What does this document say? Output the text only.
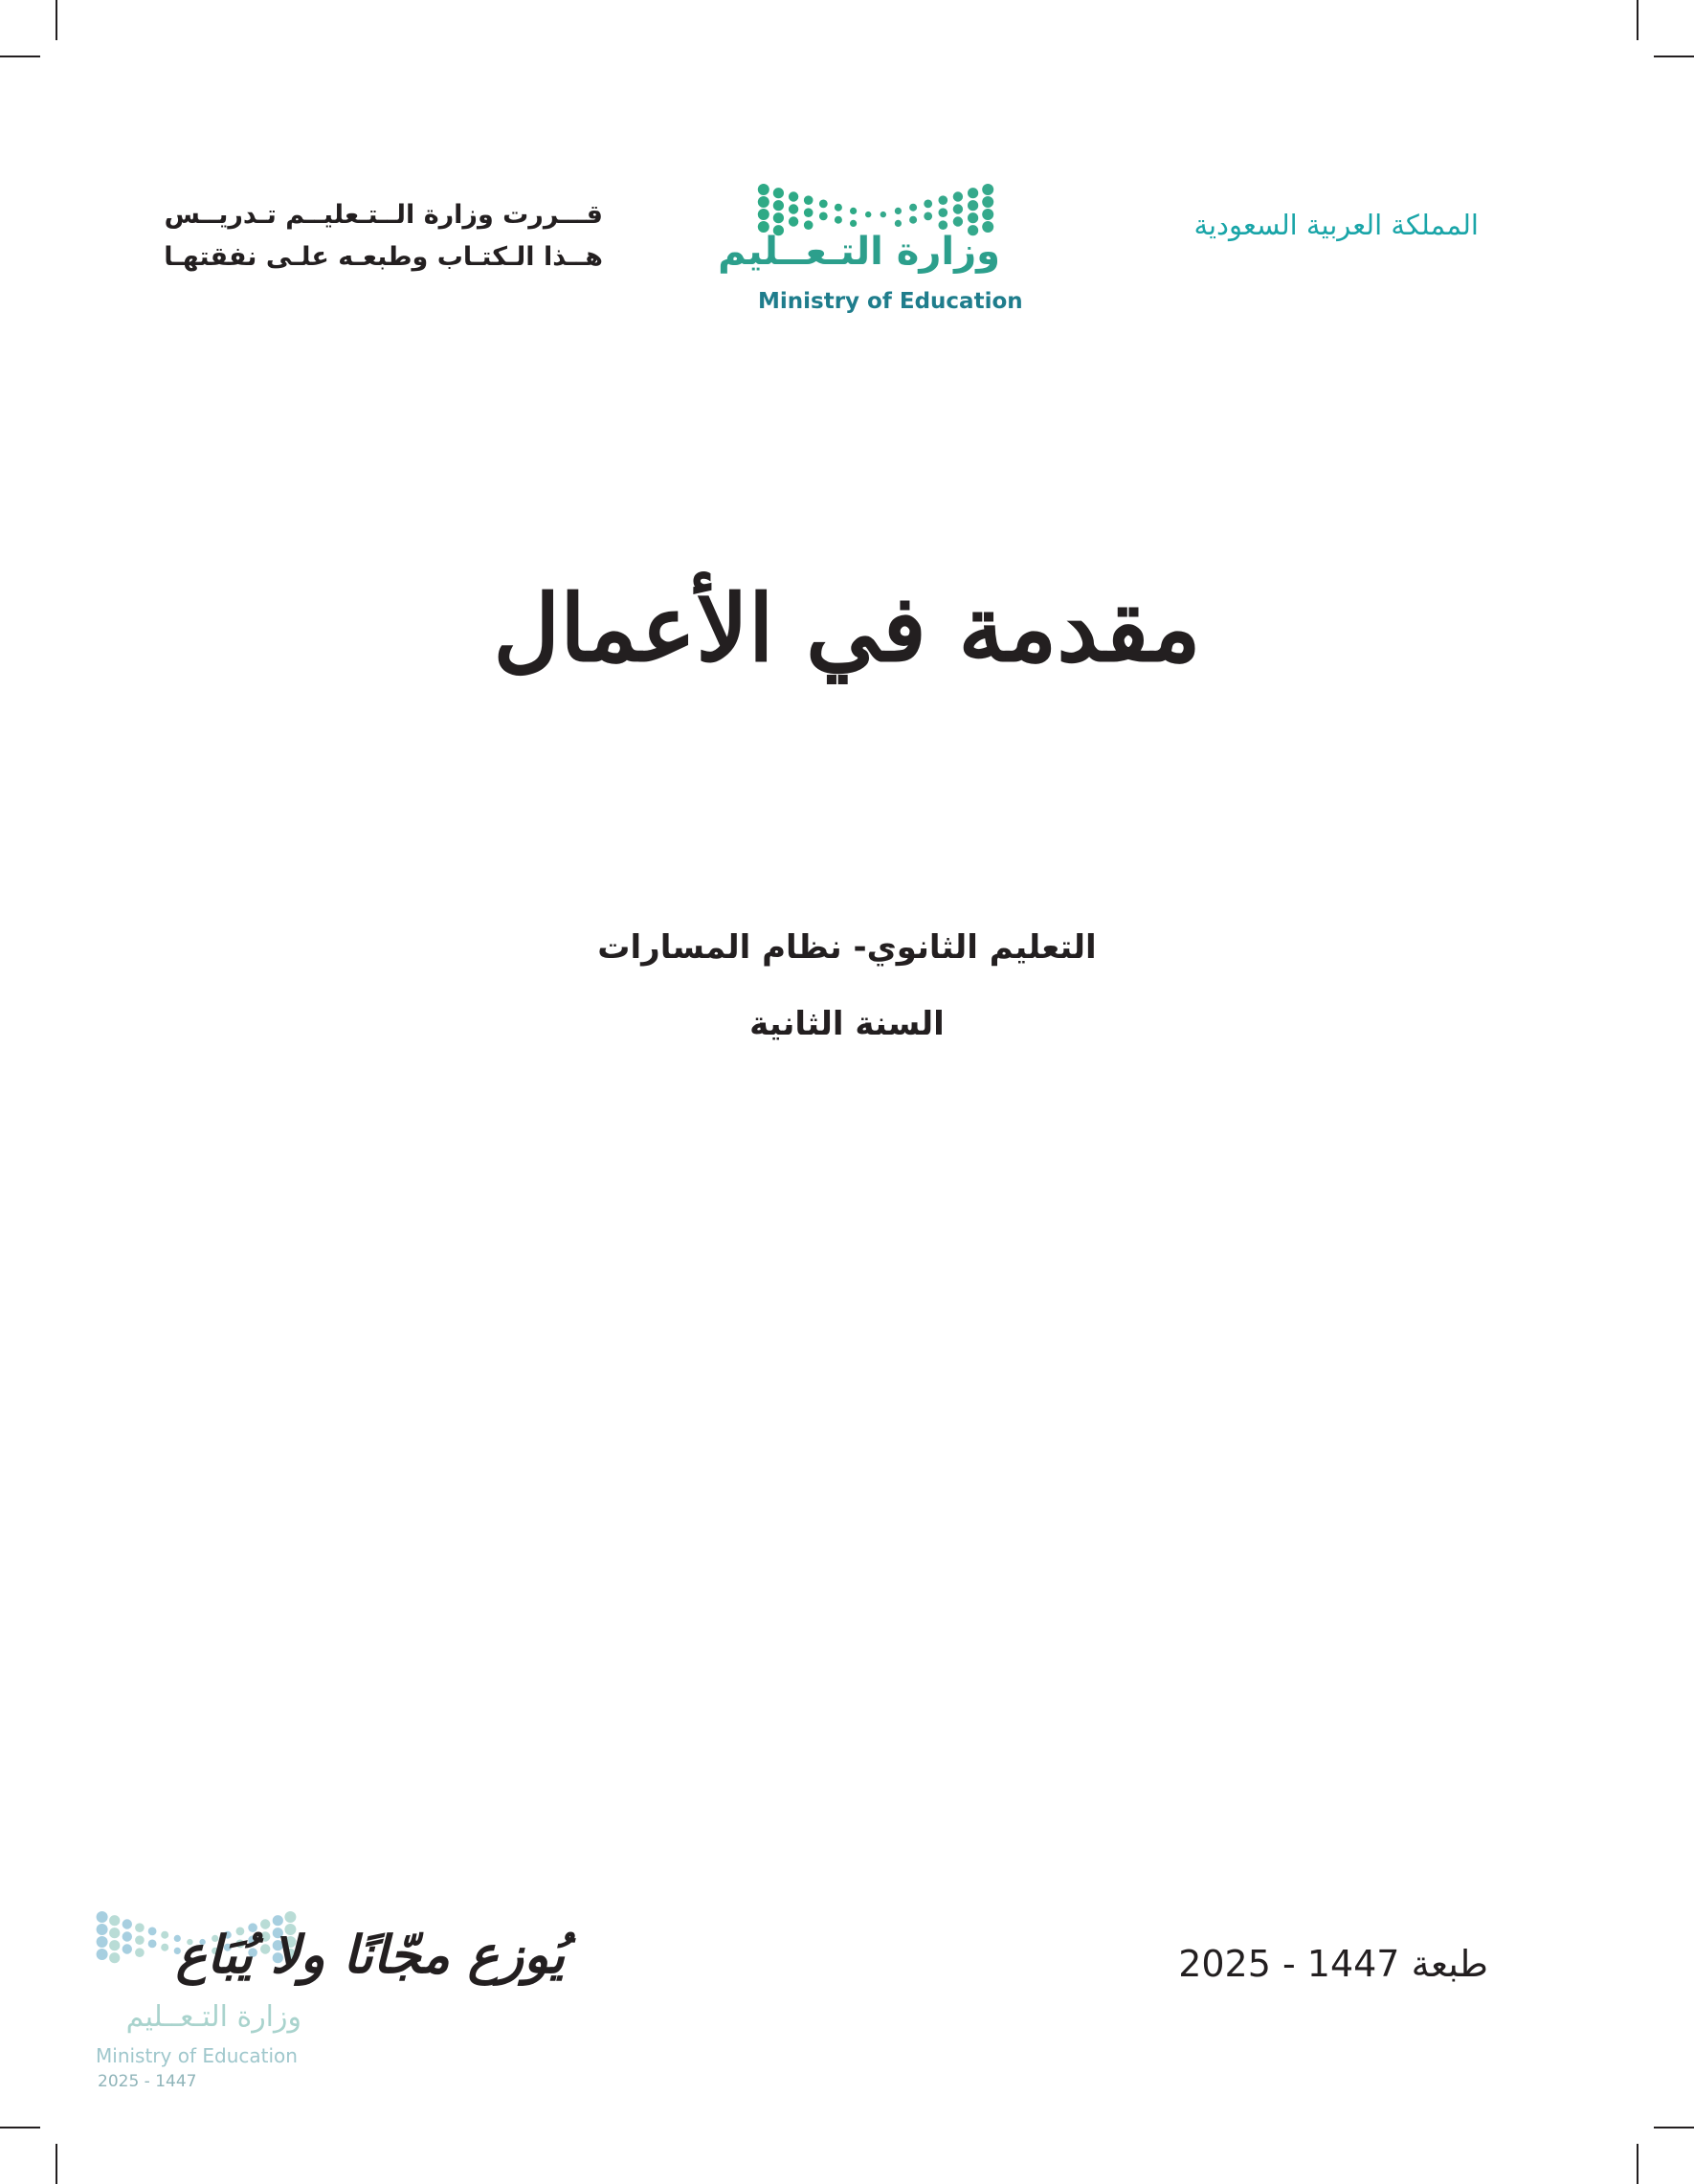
المملكة العربية السعودية
وزارة التـعــليم
Ministry of Education
قـــررت وزارة الــتـعليــم تـدريــس
هــذا الـكتـاب وطبعـه علـى نفقتهـا
مقدمة في الأعمال
التعليم الثانوي- نظام المسارات
السنة الثانية
وزارة التـعــليم
Ministry of Education
2025 - 1447
يُوزع مجّانًا ولا يُبَاع	طبعة 1447 - 2025
